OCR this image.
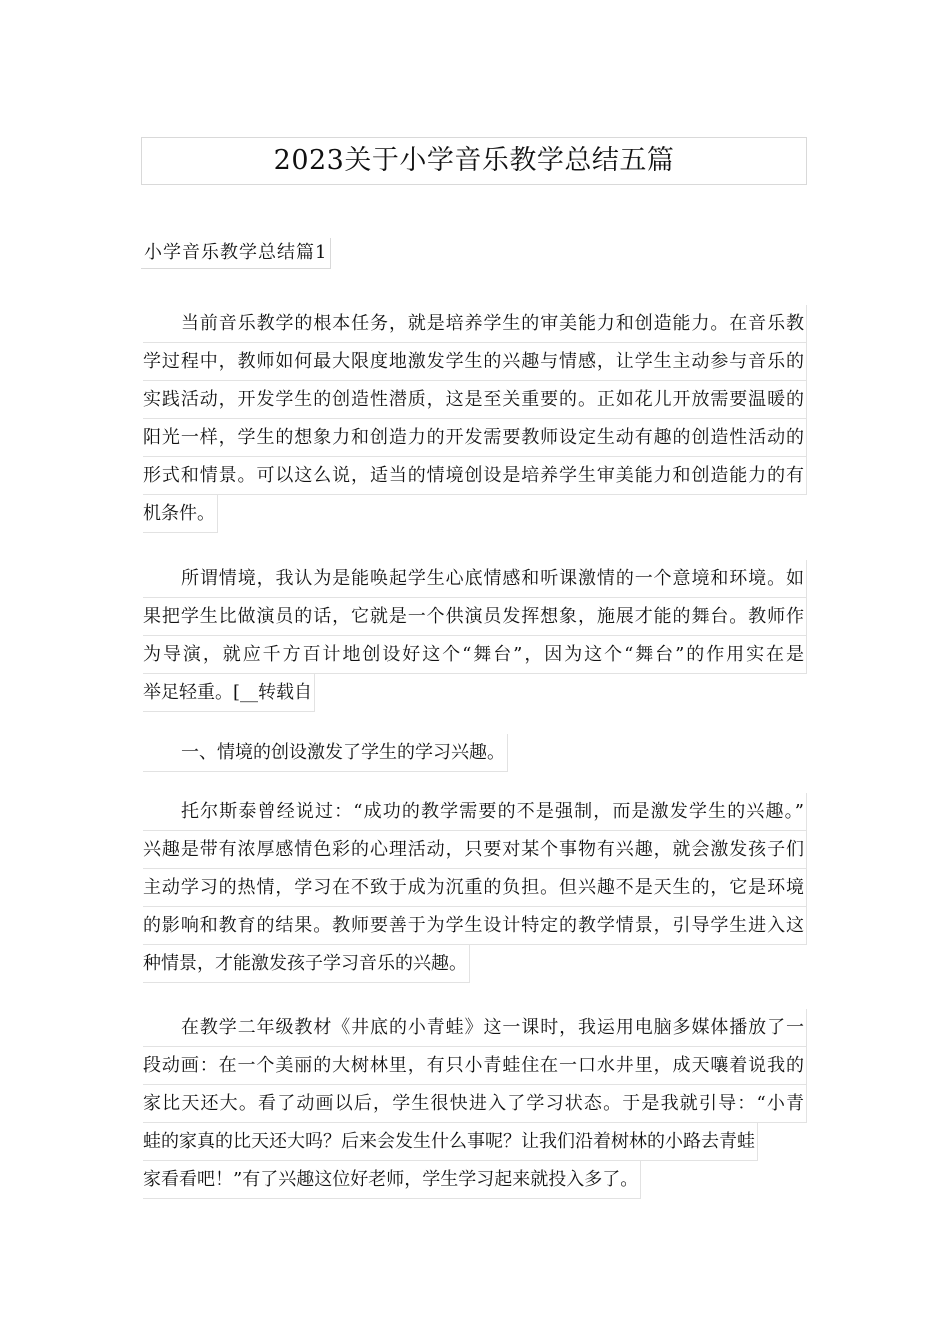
2023关于小学音乐教学总结五篇
小学音乐教学总结篇1
当前音乐教学的根本任务，就是培养学生的审美能力和创造能力。在音乐教
学过程中，教师如何最大限度地激发学生的兴趣与情感，让学生主动参与音乐的
实践活动，开发学生的创造性潜质，这是至关重要的。正如花儿开放需要温暖的
阳光一样，学生的想象力和创造力的开发需要教师设定生动有趣的创造性活动的
形式和情景。可以这么说，适当的情境创设是培养学生审美能力和创造能力的有
机条件。
所谓情境，我认为是能唤起学生心底情感和听课激情的一个意境和环境。如
果把学生比做演员的话，它就是一个供演员发挥想象，施展才能的舞台。教师作
为导演，就应千方百计地创设好这个“舞台”，因为这个“舞台”的作用实在是
举足轻重。[__转载自
一、情境的创设激发了学生的学习兴趣。
托尔斯泰曾经说过：“成功的教学需要的不是强制，而是激发学生的兴趣。”
兴趣是带有浓厚感情色彩的心理活动，只要对某个事物有兴趣，就会激发孩子们
主动学习的热情，学习在不致于成为沉重的负担。但兴趣不是天生的，它是环境
的影响和教育的结果。教师要善于为学生设计特定的教学情景，引导学生进入这
种情景，才能激发孩子学习音乐的兴趣。
在教学二年级教材《井底的小青蛙》这一课时，我运用电脑多媒体播放了一
段动画：在一个美丽的大树林里，有只小青蛙住在一口水井里，成天嚷着说我的
家比天还大。看了动画以后，学生很快进入了学习状态。于是我就引导：“小青
蛙的家真的比天还大吗？后来会发生什么事呢？让我们沿着树林的小路去青蛙
家看看吧！”有了兴趣这位好老师，学生学习起来就投入多了。
